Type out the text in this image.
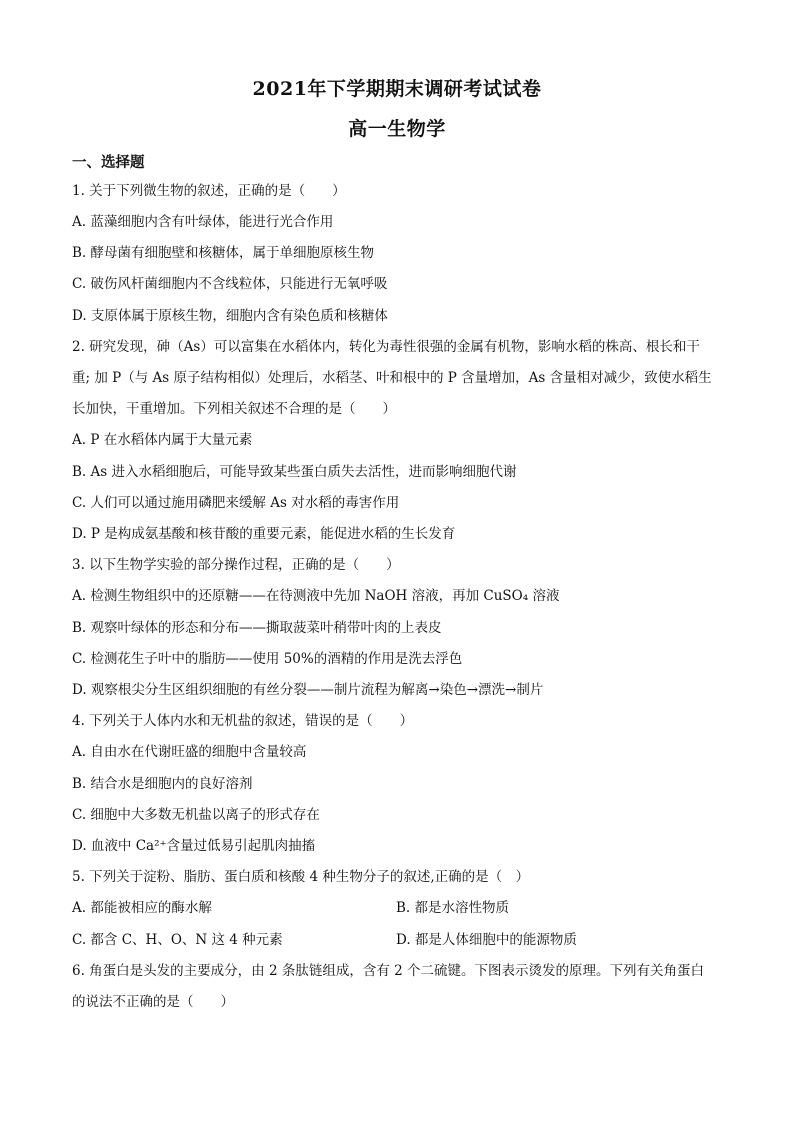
2021年下学期期末调研考试试卷
高一生物学
一、选择题
1. 关于下列微生物的叙述，正确的是（　　）
A. 蓝藻细胞内含有叶绿体，能进行光合作用
B. 酵母菌有细胞壁和核糖体，属于单细胞原核生物
C. 破伤风杆菌细胞内不含线粒体，只能进行无氧呼吸
D. 支原体属于原核生物，细胞内含有染色质和核糖体
2. 研究发现，砷（As）可以富集在水稻体内，转化为毒性很强的金属有机物，影响水稻的株高、根长和干
重; 加 P（与 As 原子结构相似）处理后，水稻茎、叶和根中的 P 含量增加，As 含量相对减少，致使水稻生
长加快，干重增加。下列相关叙述不合理的是（　　）
A. P 在水稻体内属于大量元素
B. As 进入水稻细胞后，可能导致某些蛋白质失去活性，进而影响细胞代谢
C. 人们可以通过施用磷肥来缓解 As 对水稻的毒害作用
D. P 是构成氨基酸和核苷酸的重要元素，能促进水稻的生长发育
3. 以下生物学实验的部分操作过程，正确的是（　　）
A. 检测生物组织中的还原糖——在待测液中先加 NaOH 溶液，再加 CuSO₄ 溶液
B. 观察叶绿体的形态和分布——撕取菠菜叶稍带叶肉的上表皮
C. 检测花生子叶中的脂肪——使用 50%的酒精的作用是洗去浮色
D. 观察根尖分生区组织细胞的有丝分裂——制片流程为解离→染色→漂洗→制片
4. 下列关于人体内水和无机盐的叙述，错误的是（　　）
A. 自由水在代谢旺盛的细胞中含量较高
B. 结合水是细胞内的良好溶剂
C. 细胞中大多数无机盐以离子的形式存在
D. 血液中 Ca²⁺含量过低易引起肌肉抽搐
5. 下列关于淀粉、脂肪、蛋白质和核酸 4 种生物分子的叙述,正确的是（　）
A. 都能被相应的酶水解	B. 都是水溶性物质
C. 都含 C、H、O、N 这 4 种元素	D. 都是人体细胞中的能源物质
6. 角蛋白是头发的主要成分，由 2 条肽链组成，含有 2 个二硫键。下图表示烫发的原理。下列有关角蛋白
的说法不正确的是（　　）
